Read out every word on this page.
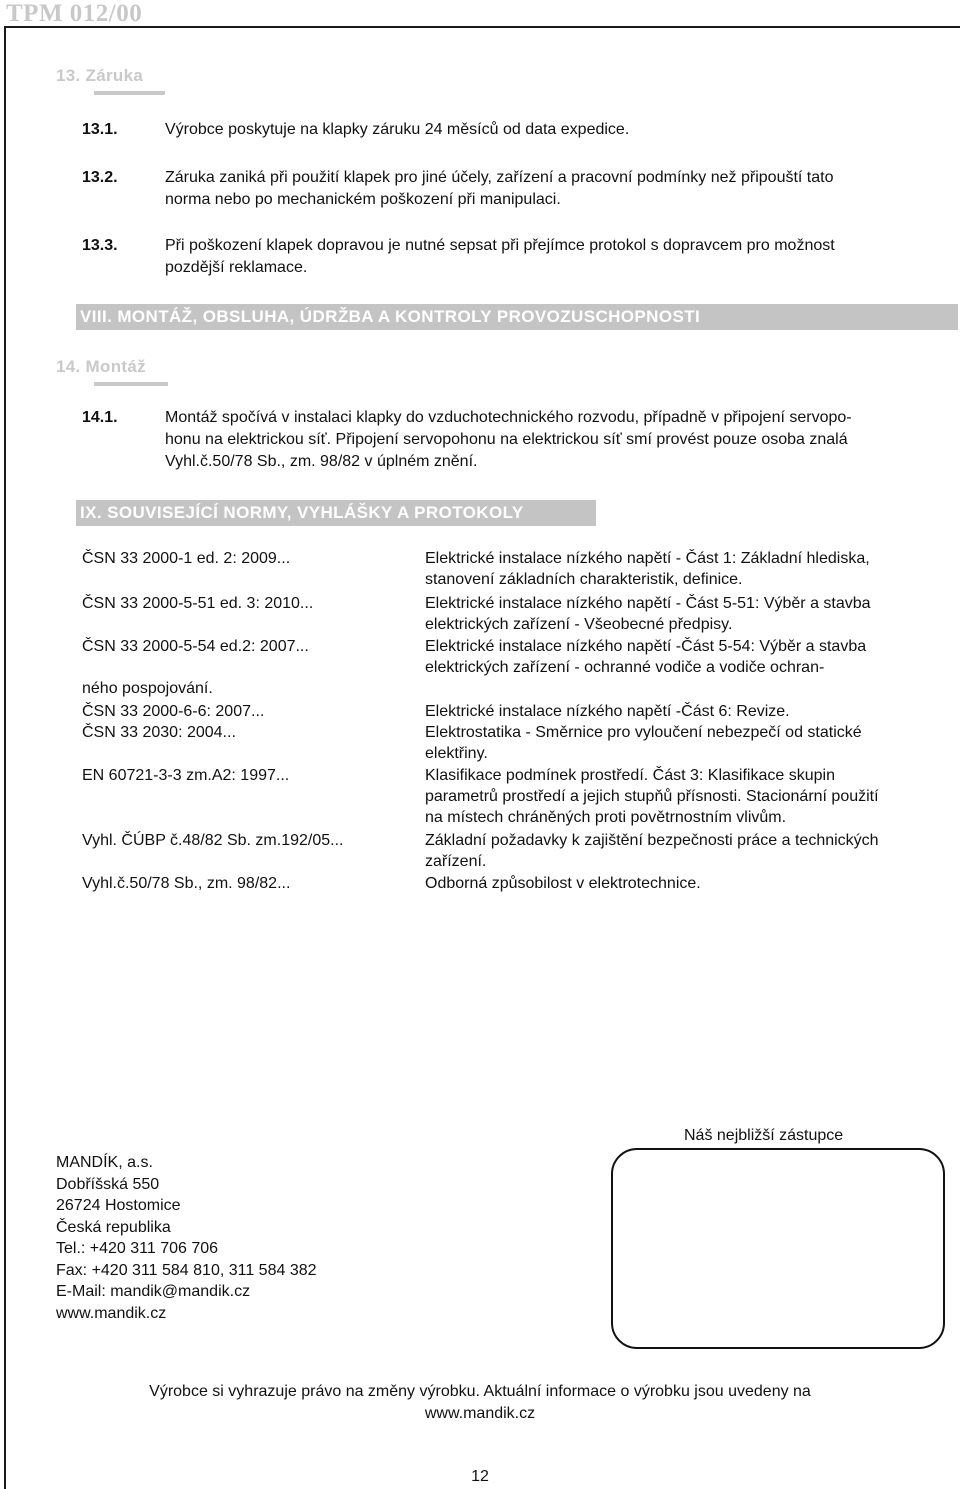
TPM 012/00
13. Záruka
13.1.	Výrobce poskytuje na klapky záruku 24 měsíců od data expedice.
13.2.	Záruka zaniká při použití klapek pro jiné účely, zařízení a pracovní podmínky než připouští tato
norma nebo po mechanickém poškození při manipulaci.
13.3.	Při poškození klapek dopravou je nutné sepsat při přejímce protokol s dopravcem pro možnost
pozdější reklamace.
VIII. MONTÁŽ, OBSLUHA, ÚDRŽBA A KONTROLY PROVOZUSCHOPNOSTI
14. Montáž
14.1.	Montáž spočívá v instalaci klapky do vzduchotechnického rozvodu, případně v připojení servopo-
honu na elektrickou síť. Připojení servopohonu na elektrickou síť smí provést pouze osoba znalá
Vyhl.č.50/78 Sb., zm. 98/82 v úplném znění.
IX. SOUVISEJÍCÍ NORMY, VYHLÁŠKY A PROTOKOLY
ČSN 33 2000-1 ed. 2: 2009...	Elektrické instalace nízkého napětí - Část 1: Základní hlediska,
stanovení základních charakteristik, definice.
ČSN 33 2000-5-51 ed. 3: 2010...	Elektrické instalace nízkého napětí - Část 5-51: Výběr a stavba
elektrických zařízení - Všeobecné předpisy.
ČSN 33 2000-5-54 ed.2: 2007...	Elektrické instalace nízkého napětí -Část 5-54: Výběr a stavba
elektrických zařízení - ochranné vodiče a vodiče ochran-
ného pospojování.
ČSN 33 2000-6-6: 2007...	Elektrické instalace nízkého napětí -Část 6: Revize.
ČSN 33 2030: 2004...	Elektrostatika - Směrnice pro vyloučení nebezpečí od statické
elektřiny.
EN 60721-3-3 zm.A2: 1997...	Klasifikace podmínek prostředí. Část 3: Klasifikace skupin
parametrů prostředí a jejich stupňů přísnosti. Stacionární použití
na místech chráněných proti povětrnostním vlivům.
Vyhl. ČÚBP č.48/82 Sb. zm.192/05...	Základní požadavky k zajištění bezpečnosti práce a technických
zařízení.
Vyhl.č.50/78 Sb., zm. 98/82...	Odborná způsobilost v elektrotechnice.
MANDÍK, a.s.
Dobříšská 550
26724 Hostomice
Česká republika
Tel.: +420 311 706 706
Fax: +420 311 584 810, 311 584 382
E-Mail: mandik@mandik.cz
www.mandik.cz
Náš nejbližší zástupce
Výrobce si vyhrazuje právo na změny výrobku. Aktuální informace o výrobku jsou uvedeny na
www.mandik.cz
12
